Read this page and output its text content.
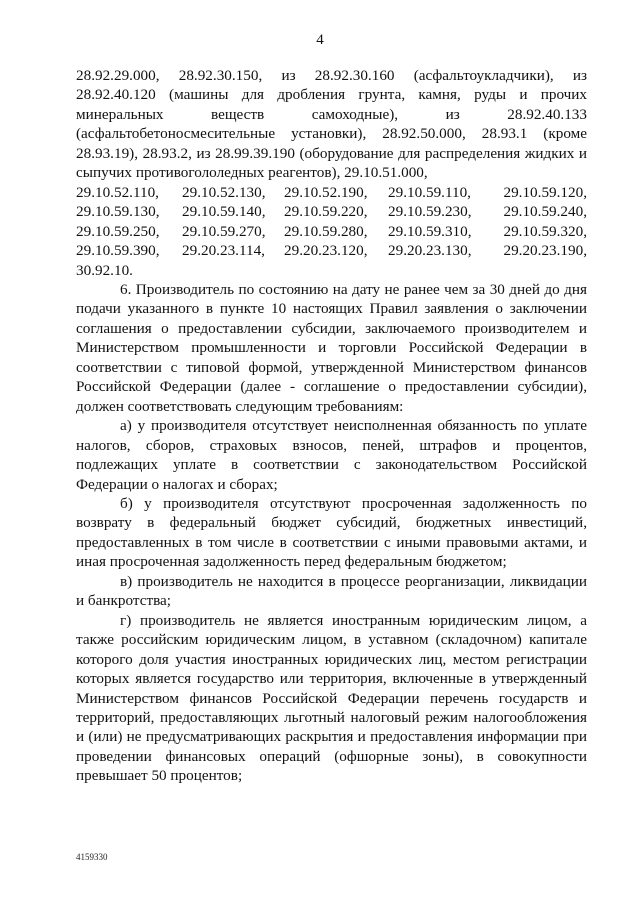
4

28.92.29.000, 28.92.30.150, из 28.92.30.160 (асфальтоукладчики), из 28.92.40.120 (машины для дробления грунта, камня, руды и прочих минеральных веществ самоходные), из 28.92.40.133 (асфальтобетоносмесительные установки), 28.92.50.000, 28.93.1 (кроме 28.93.19), 28.93.2, из 28.99.39.190 (оборудование для распределения жидких и сыпучих противогололедных реагентов), 29.10.51.000,

29.10.52.110,	29.10.52.130,	29.10.52.190,	29.10.59.110,	29.10.59.120,
29.10.59.130,	29.10.59.140,	29.10.59.220,	29.10.59.230,	29.10.59.240,
29.10.59.250,	29.10.59.270,	29.10.59.280,	29.10.59.310,	29.10.59.320,
29.10.59.390,	29.20.23.114,	29.20.23.120,	29.20.23.130,	29.20.23.190,

30.92.10.

6. Производитель по состоянию на дату не ранее чем за 30 дней до дня подачи указанного в пункте 10 настоящих Правил заявления о заключении соглашения о предоставлении субсидии, заключаемого производителем и Министерством промышленности и торговли Российской Федерации в соответствии с типовой формой, утвержденной Министерством финансов Российской Федерации (далее - соглашение о предоставлении субсидии), должен соответствовать следующим требованиям:

а) у производителя отсутствует неисполненная обязанность по уплате налогов, сборов, страховых взносов, пеней, штрафов и процентов, подлежащих уплате в соответствии с законодательством Российской Федерации о налогах и сборах;

б) у производителя отсутствуют просроченная задолженность по возврату в федеральный бюджет субсидий, бюджетных инвестиций, предоставленных в том числе в соответствии с иными правовыми актами, и иная просроченная задолженность перед федеральным бюджетом;

в) производитель не находится в процессе реорганизации, ликвидации и банкротства;

г) производитель не является иностранным юридическим лицом, а также российским юридическим лицом, в уставном (складочном) капитале которого доля участия иностранных юридических лиц, местом регистрации которых является государство или территория, включенные в утвержденный Министерством финансов Российской Федерации перечень государств и территорий, предоставляющих льготный налоговый режим налогообложения и (или) не предусматривающих раскрытия и предоставления информации при проведении финансовых операций (офшорные зоны), в совокупности превышает 50 процентов;

4159330
